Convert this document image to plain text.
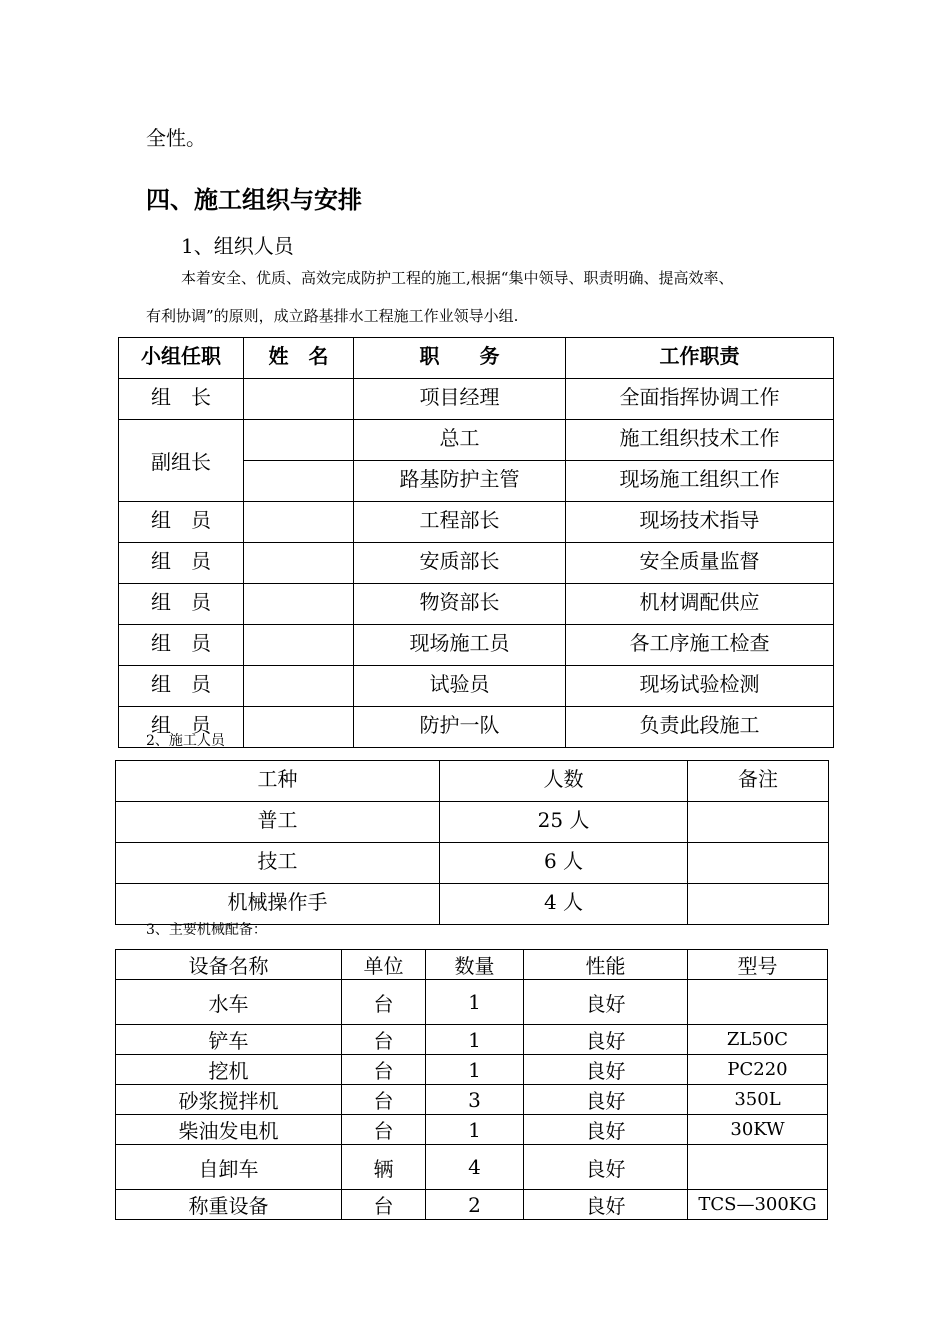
全性。
四、施工组织与安排
1、组织人员
本着安全、优质、高效完成防护工程的施工,根据“集中领导、职责明确、提高效率、
有利协调”的原则，成立路基排水工程施工作业领导小组.
小组任职	姓　名	职　　务	工作职责
组　长		项目经理	全面指挥协调工作
副组长		总工	施工组织技术工作
		路基防护主管	现场施工组织工作
组　员		工程部长	现场技术指导
组　员		安质部长	安全质量监督
组　员		物资部长	机材调配供应
组　员		现场施工员	各工序施工检查
组　员		试验员	现场试验检测
组　员		防护一队	负责此段施工
2、施工人员
工种	人数	备注
普工	25 人	
技工	6 人	
机械操作手	4 人	
3、主要机械配备：
设备名称	单位	数量	性能	型号
水车	台	1	良好	
铲车	台	1	良好	ZL50C
挖机	台	1	良好	PC220
砂浆搅拌机	台	3	良好	350L
柴油发电机	台	1	良好	30KW
自卸车	辆	4	良好	
称重设备	台	2	良好	TCS—300KG
